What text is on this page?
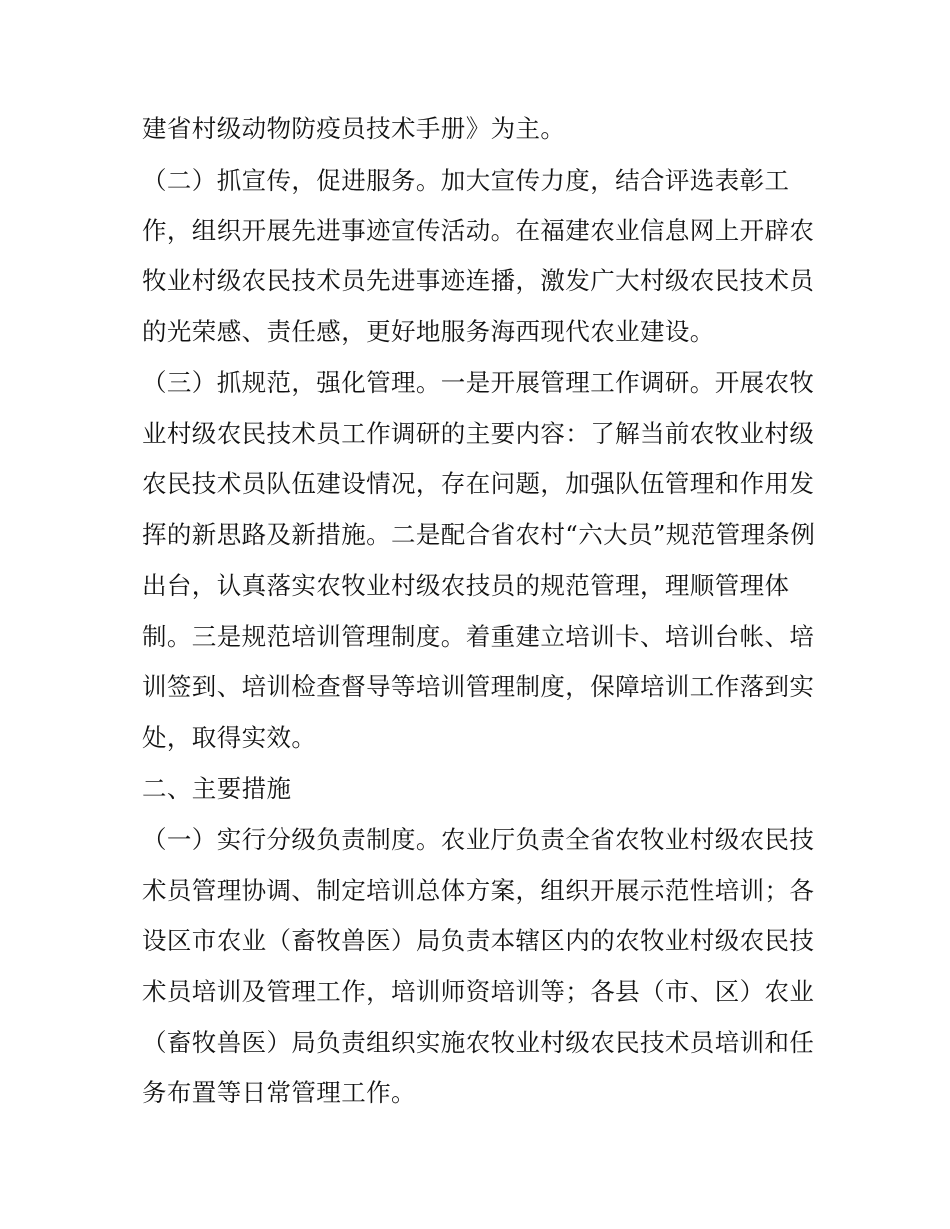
建省村级动物防疫员技术手册》为主。
（二）抓宣传，促进服务。加大宣传力度，结合评选表彰工
作，组织开展先进事迹宣传活动。在福建农业信息网上开辟农
牧业村级农民技术员先进事迹连播，激发广大村级农民技术员
的光荣感、责任感，更好地服务海西现代农业建设。
（三）抓规范，强化管理。一是开展管理工作调研。开展农牧
业村级农民技术员工作调研的主要内容：了解当前农牧业村级
农民技术员队伍建设情况，存在问题，加强队伍管理和作用发
挥的新思路及新措施。二是配合省农村“六大员”规范管理条例
出台，认真落实农牧业村级农技员的规范管理，理顺管理体
制。三是规范培训管理制度。着重建立培训卡、培训台帐、培
训签到、培训检查督导等培训管理制度，保障培训工作落到实
处，取得实效。
二、主要措施
（一）实行分级负责制度。农业厅负责全省农牧业村级农民技
术员管理协调、制定培训总体方案，组织开展示范性培训；各
设区市农业（畜牧兽医）局负责本辖区内的农牧业村级农民技
术员培训及管理工作，培训师资培训等；各县（市、区）农业
（畜牧兽医）局负责组织实施农牧业村级农民技术员培训和任
务布置等日常管理工作。
